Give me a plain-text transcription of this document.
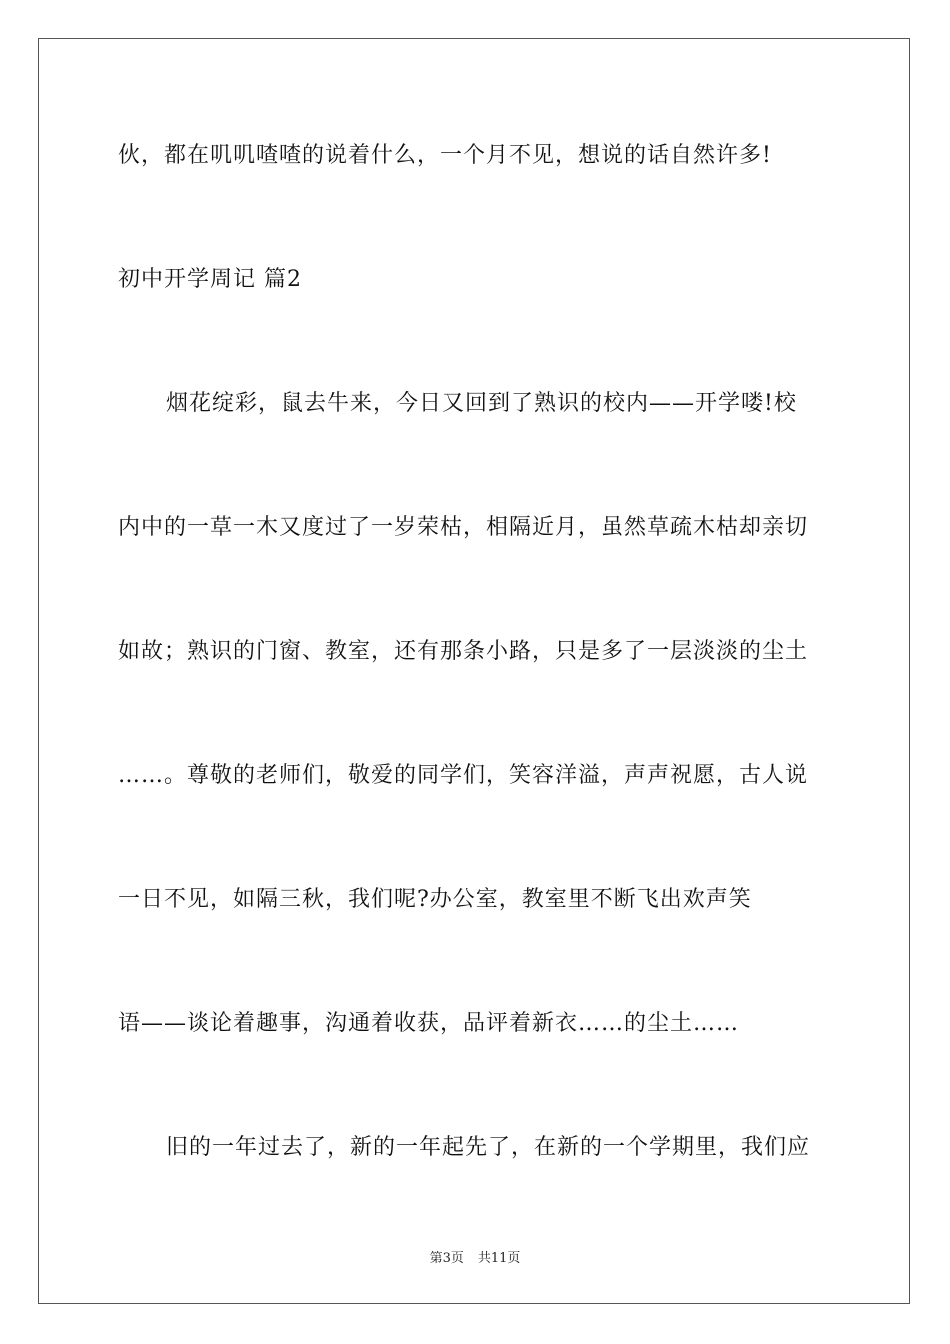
伙，都在叽叽喳喳的说着什么，一个月不见，想说的话自然许多!
初中开学周记 篇2
烟花绽彩，鼠去牛来，今日又回到了熟识的校内——开学喽!校
内中的一草一木又度过了一岁荣枯，相隔近月，虽然草疏木枯却亲切
如故；熟识的门窗、教室，还有那条小路，只是多了一层淡淡的尘土
……。尊敬的老师们，敬爱的同学们，笑容洋溢，声声祝愿，古人说
一日不见，如隔三秋，我们呢?办公室，教室里不断飞出欢声笑
语——谈论着趣事，沟通着收获，品评着新衣……的尘土……
旧的一年过去了，新的一年起先了，在新的一个学期里，我们应
第3页 共11页
